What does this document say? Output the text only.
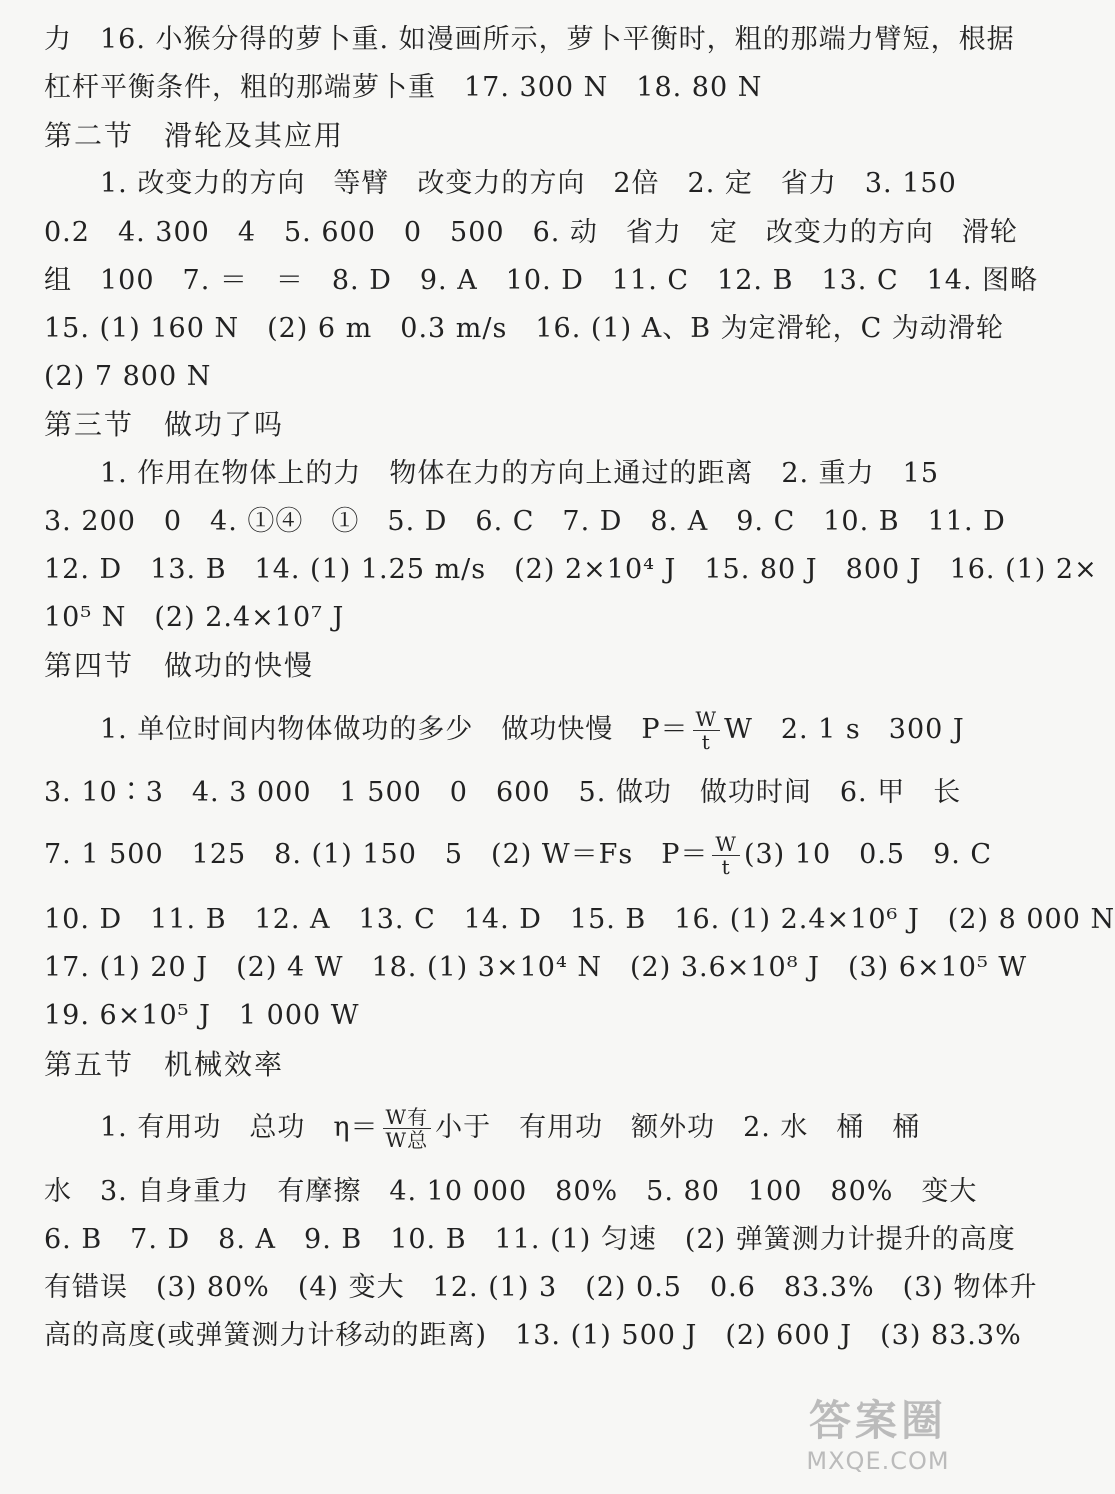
力　16. 小猴分得的萝卜重. 如漫画所示，萝卜平衡时，粗的那端力臂短，根据
杠杆平衡条件，粗的那端萝卜重　17. 300 N　18. 80 N
第二节　滑轮及其应用
1. 改变力的方向　等臂　改变力的方向　2倍　2. 定　省力　3. 150
0.2　4. 300　4　5. 600　0　500　6. 动　省力　定　改变力的方向　滑轮
组　100　7. ＝　＝　8. D　9. A　10. D　11. C　12. B　13. C　14. 图略
15. (1) 160 N　(2) 6 m　0.3 m/s　16. (1) A、B 为定滑轮，C 为动滑轮
(2) 7 800 N
第三节　做功了吗
1. 作用在物体上的力　物体在力的方向上通过的距离　2. 重力　15
3. 200　0　4. ①④　①　5. D　6. C　7. D　8. A　9. C　10. B　11. D
12. D　13. B　14. (1) 1.25 m/s　(2) 2×10⁴ J　15. 80 J　800 J　16. (1) 2×
10⁵ N　(2) 2.4×10⁷ J
第四节　做功的快慢
1. 单位时间内物体做功的多少　做功快慢　$P= \frac{W}{t}$ W　2. 1 s　300 J
3. 10∶3　4. 3 000　1 500　0　600　5. 做功　做功时间　6. 甲　长
7. 1 500　125　8. (1) 150　5　(2) W＝Fs　$P= \frac{W}{t} (3)$ 10　0.5　9. C
10. D　11. B　12. A　13. C　14. D　15. B　16. (1) 2.4×10⁶ J　(2) 8 000 N
17. (1) 20 J　(2) 4 W　18. (1) 3×10⁴ N　(2) 3.6×10⁸ J　(3) 6×10⁵ W
19. 6×10⁵ J　1 000 W
第五节　机械效率
1. 有用功　总功　$\eta= \frac{\text{W有}}{\text{W总}}$ 小于　有用功　额外功　2. 水　桶　桶
水　3. 自身重力　有摩擦　4. 10 000　80%　5. 80　100　80%　变大
6. B　7. D　8. A　9. B　10. B　11. (1) 匀速　(2) 弹簧测力计提升的高度
有错误　(3) 80%　(4) 变大　12. (1) 3　(2) 0.5　0.6　83.3%　(3) 物体升
高的高度(或弹簧测力计移动的距离)　13. (1) 500 J　(2) 600 J　(3) 83.3%
答案圈
MXQE.COM
